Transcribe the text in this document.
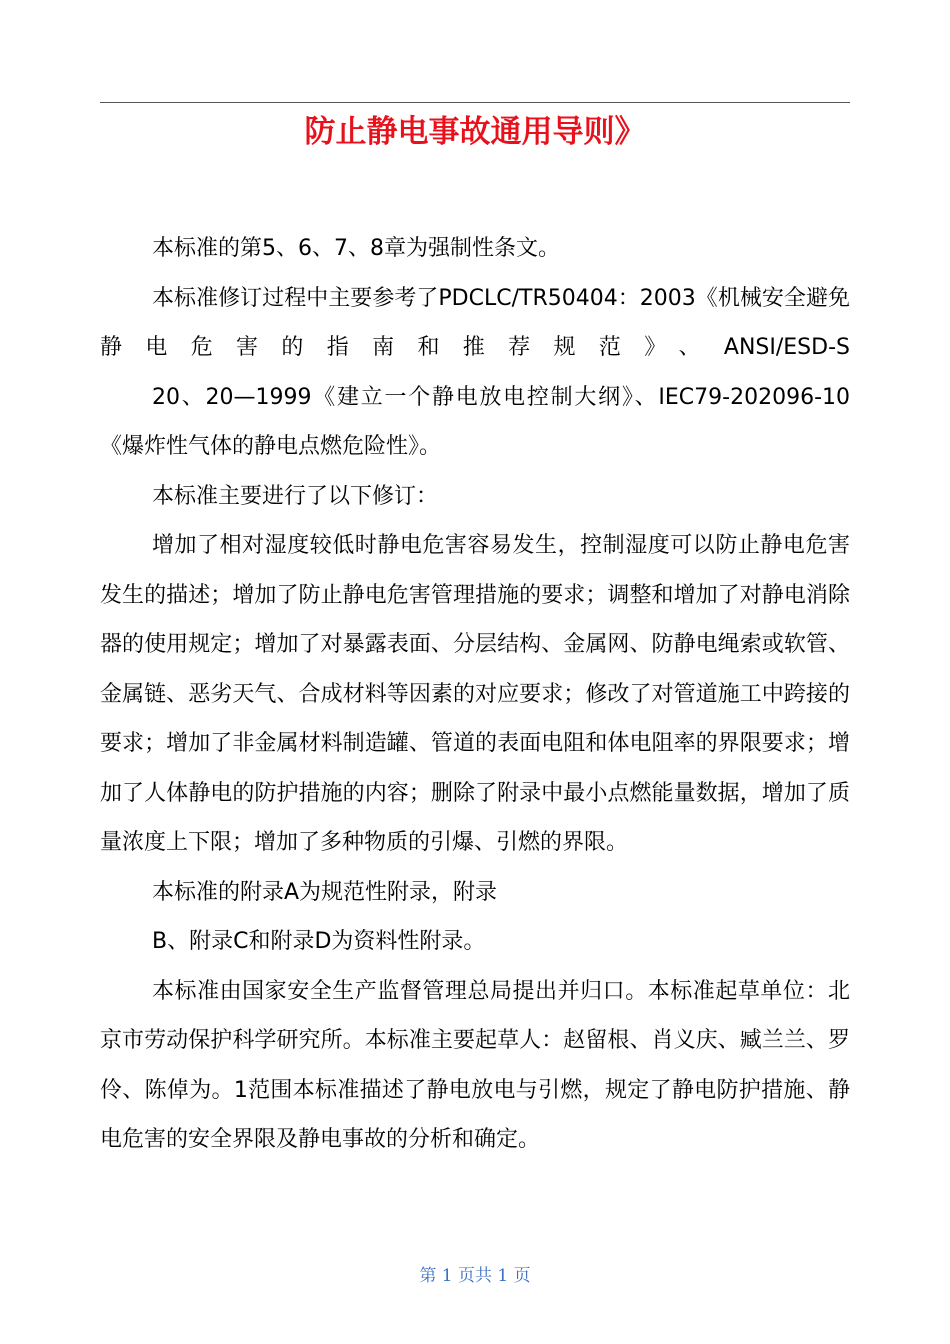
防止静电事故通用导则》

本标准的第5、6、7、8章为强制性条文。

本标准修订过程中主要参考了PDCLC/TR50404：2003《机械安全避免静电危害的指南和推荐规范》、ANSI/ESD-S

20、20—1999《建立一个静电放电控制大纲》、IEC79-202096-10《爆炸性气体的静电点燃危险性》。

本标准主要进行了以下修订：

增加了相对湿度较低时静电危害容易发生，控制湿度可以防止静电危害发生的描述；增加了防止静电危害管理措施的要求；调整和增加了对静电消除器的使用规定；增加了对暴露表面、分层结构、金属网、防静电绳索或软管、金属链、恶劣天气、合成材料等因素的对应要求；修改了对管道施工中跨接的要求；增加了非金属材料制造罐、管道的表面电阻和体电阻率的界限要求；增加了人体静电的防护措施的内容；删除了附录中最小点燃能量数据，增加了质量浓度上下限；增加了多种物质的引爆、引燃的界限。

本标准的附录A为规范性附录，附录

B、附录C和附录D为资料性附录。

本标准由国家安全生产监督管理总局提出并归口。本标准起草单位：北京市劳动保护科学研究所。本标准主要起草人：赵留根、肖义庆、臧兰兰、罗伶、陈倬为。1范围本标准描述了静电放电与引燃，规定了静电防护措施、静电危害的安全界限及静电事故的分析和确定。

第 1 页共 1 页
